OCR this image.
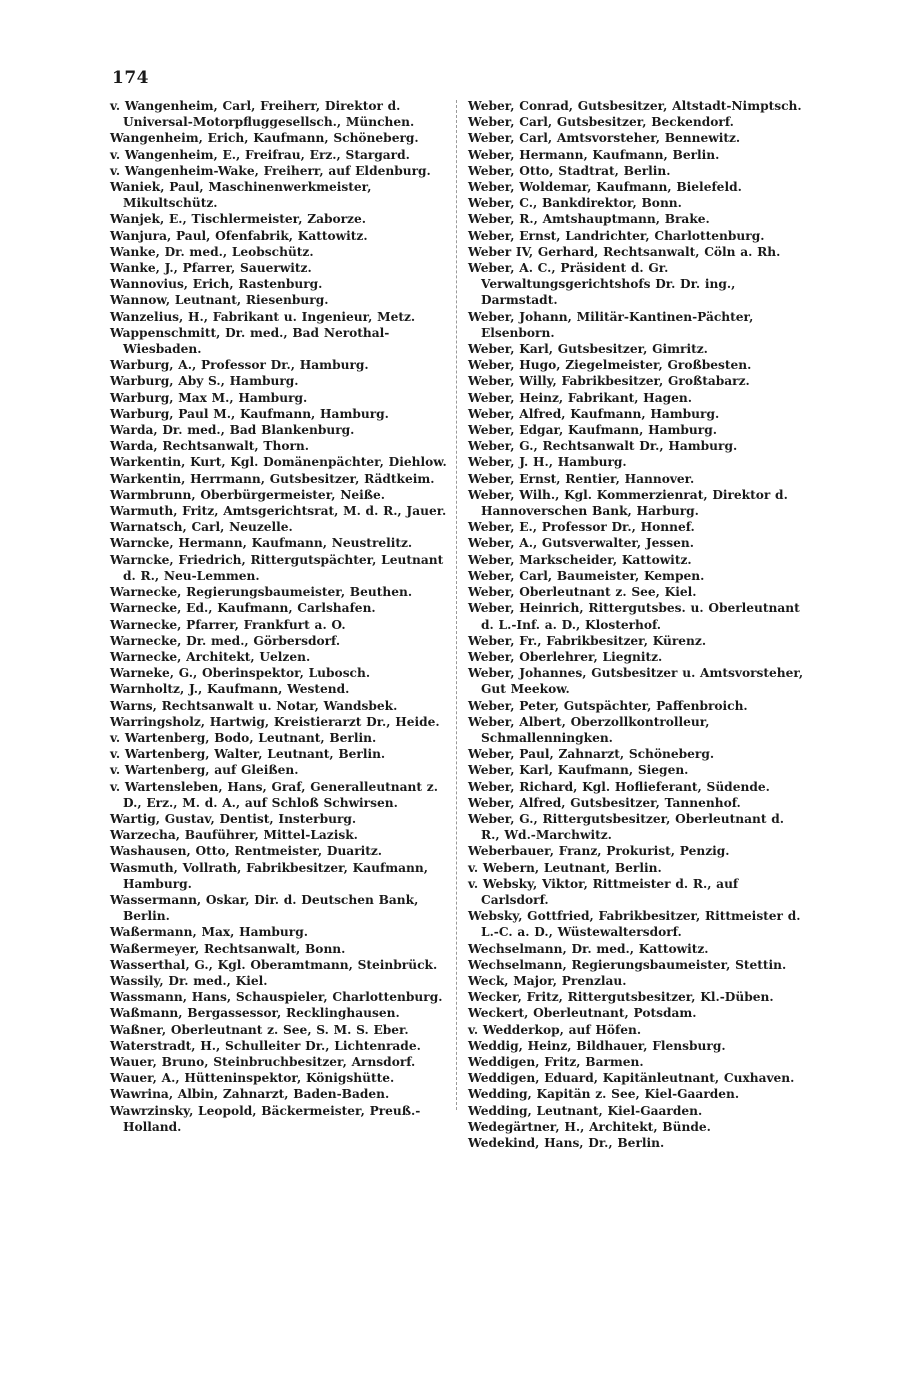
174
v. Wangenheim, Carl, Freiherr, Direktor d. Universal-Motorpfluggesellsch., München.
Wangenheim, Erich, Kaufmann, Schöneberg.
v. Wangenheim, E., Freifrau, Erz., Stargard.
v. Wangenheim-Wake, Freiherr, auf Eldenburg.
Waniek, Paul, Maschinenwerkmeister, Mikultschütz.
Wanjek, E., Tischlermeister, Zaborze.
Wanjura, Paul, Ofenfabrik, Kattowitz.
Wanke, Dr. med., Leobschütz.
Wanke, J., Pfarrer, Sauerwitz.
Wannovius, Erich, Rastenburg.
Wannow, Leutnant, Riesenburg.
Wanzelius, H., Fabrikant u. Ingenieur, Metz.
Wappenschmitt, Dr. med., Bad Nerothal-Wiesbaden.
Warburg, A., Professor Dr., Hamburg.
Warburg, Aby S., Hamburg.
Warburg, Max M., Hamburg.
Warburg, Paul M., Kaufmann, Hamburg.
Warda, Dr. med., Bad Blankenburg.
Warda, Rechtsanwalt, Thorn.
Warkentin, Kurt, Kgl. Domänenpächter, Diehlow.
Warkentin, Herrmann, Gutsbesitzer, Rädtkeim.
Warmbrunn, Oberbürgermeister, Neiße.
Warmuth, Fritz, Amtsgerichtsrat, M. d. R., Jauer.
Warnatsch, Carl, Neuzelle.
Warncke, Hermann, Kaufmann, Neustrelitz.
Warncke, Friedrich, Rittergutspächter, Leutnant d. R., Neu-Lemmen.
Warnecke, Regierungsbaumeister, Beuthen.
Warnecke, Ed., Kaufmann, Carlshafen.
Warnecke, Pfarrer, Frankfurt a. O.
Warnecke, Dr. med., Görbersdorf.
Warnecke, Architekt, Uelzen.
Warneke, G., Oberinspektor, Lubosch.
Warnholtz, J., Kaufmann, Westend.
Warns, Rechtsanwalt u. Notar, Wandsbek.
Warringsholz, Hartwig, Kreistierarzt Dr., Heide.
v. Wartenberg, Bodo, Leutnant, Berlin.
v. Wartenberg, Walter, Leutnant, Berlin.
v. Wartenberg, auf Gleißen.
v. Wartensleben, Hans, Graf, Generalleutnant z. D., Erz., M. d. A., auf Schloß Schwirsen.
Wartig, Gustav, Dentist, Insterburg.
Warzecha, Bauführer, Mittel-Lazisk.
Washausen, Otto, Rentmeister, Duaritz.
Wasmuth, Vollrath, Fabrikbesitzer, Kaufmann, Hamburg.
Wassermann, Oskar, Dir. d. Deutschen Bank, Berlin.
Waßermann, Max, Hamburg.
Waßermeyer, Rechtsanwalt, Bonn.
Wasserthal, G., Kgl. Oberamtmann, Steinbrück.
Wassily, Dr. med., Kiel.
Wassmann, Hans, Schauspieler, Charlottenburg.
Waßmann, Bergassessor, Recklinghausen.
Waßner, Oberleutnant z. See, S. M. S. Eber.
Waterstradt, H., Schulleiter Dr., Lichtenrade.
Wauer, Bruno, Steinbruchbesitzer, Arnsdorf.
Wauer, A., Hütteninspektor, Königshütte.
Wawrina, Albin, Zahnarzt, Baden-Baden.
Wawrzinsky, Leopold, Bäckermeister, Preuß.-Holland.
Weber, Conrad, Gutsbesitzer, Altstadt-Nimptsch.
Weber, Carl, Gutsbesitzer, Beckendorf.
Weber, Carl, Amtsvorsteher, Bennewitz.
Weber, Hermann, Kaufmann, Berlin.
Weber, Otto, Stadtrat, Berlin.
Weber, Woldemar, Kaufmann, Bielefeld.
Weber, C., Bankdirektor, Bonn.
Weber, R., Amtshauptmann, Brake.
Weber, Ernst, Landrichter, Charlottenburg.
Weber IV, Gerhard, Rechtsanwalt, Cöln a. Rh.
Weber, A. C., Präsident d. Gr. Verwaltungsgerichtshofs Dr. Dr. ing., Darmstadt.
Weber, Johann, Militär-Kantinen-Pächter, Elsenborn.
Weber, Karl, Gutsbesitzer, Gimritz.
Weber, Hugo, Ziegelmeister, Großbesten.
Weber, Willy, Fabrikbesitzer, Großtabarz.
Weber, Heinz, Fabrikant, Hagen.
Weber, Alfred, Kaufmann, Hamburg.
Weber, Edgar, Kaufmann, Hamburg.
Weber, G., Rechtsanwalt Dr., Hamburg.
Weber, J. H., Hamburg.
Weber, Ernst, Rentier, Hannover.
Weber, Wilh., Kgl. Kommerzienrat, Direktor d. Hannoverschen Bank, Harburg.
Weber, E., Professor Dr., Honnef.
Weber, A., Gutsverwalter, Jessen.
Weber, Markscheider, Kattowitz.
Weber, Carl, Baumeister, Kempen.
Weber, Oberleutnant z. See, Kiel.
Weber, Heinrich, Rittergutsbes. u. Oberleutnant d. L.-Inf. a. D., Klosterhof.
Weber, Fr., Fabrikbesitzer, Kürenz.
Weber, Oberlehrer, Liegnitz.
Weber, Johannes, Gutsbesitzer u. Amtsvorsteher, Gut Meekow.
Weber, Peter, Gutspächter, Paffenbroich.
Weber, Albert, Oberzollkontrolleur, Schmallenningken.
Weber, Paul, Zahnarzt, Schöneberg.
Weber, Karl, Kaufmann, Siegen.
Weber, Richard, Kgl. Hoflieferant, Südende.
Weber, Alfred, Gutsbesitzer, Tannenhof.
Weber, G., Rittergutsbesitzer, Oberleutnant d. R., Wd.-Marchwitz.
Weberbauer, Franz, Prokurist, Penzig.
v. Webern, Leutnant, Berlin.
v. Websky, Viktor, Rittmeister d. R., auf Carlsdorf.
Websky, Gottfried, Fabrikbesitzer, Rittmeister d. L.-C. a. D., Wüstewaltersdorf.
Wechselmann, Dr. med., Kattowitz.
Wechselmann, Regierungsbaumeister, Stettin.
Weck, Major, Prenzlau.
Wecker, Fritz, Rittergutsbesitzer, Kl.-Düben.
Weckert, Oberleutnant, Potsdam.
v. Wedderkop, auf Höfen.
Weddig, Heinz, Bildhauer, Flensburg.
Weddigen, Fritz, Barmen.
Weddigen, Eduard, Kapitänleutnant, Cuxhaven.
Wedding, Kapitän z. See, Kiel-Gaarden.
Wedding, Leutnant, Kiel-Gaarden.
Wedegärtner, H., Architekt, Bünde.
Wedekind, Hans, Dr., Berlin.
